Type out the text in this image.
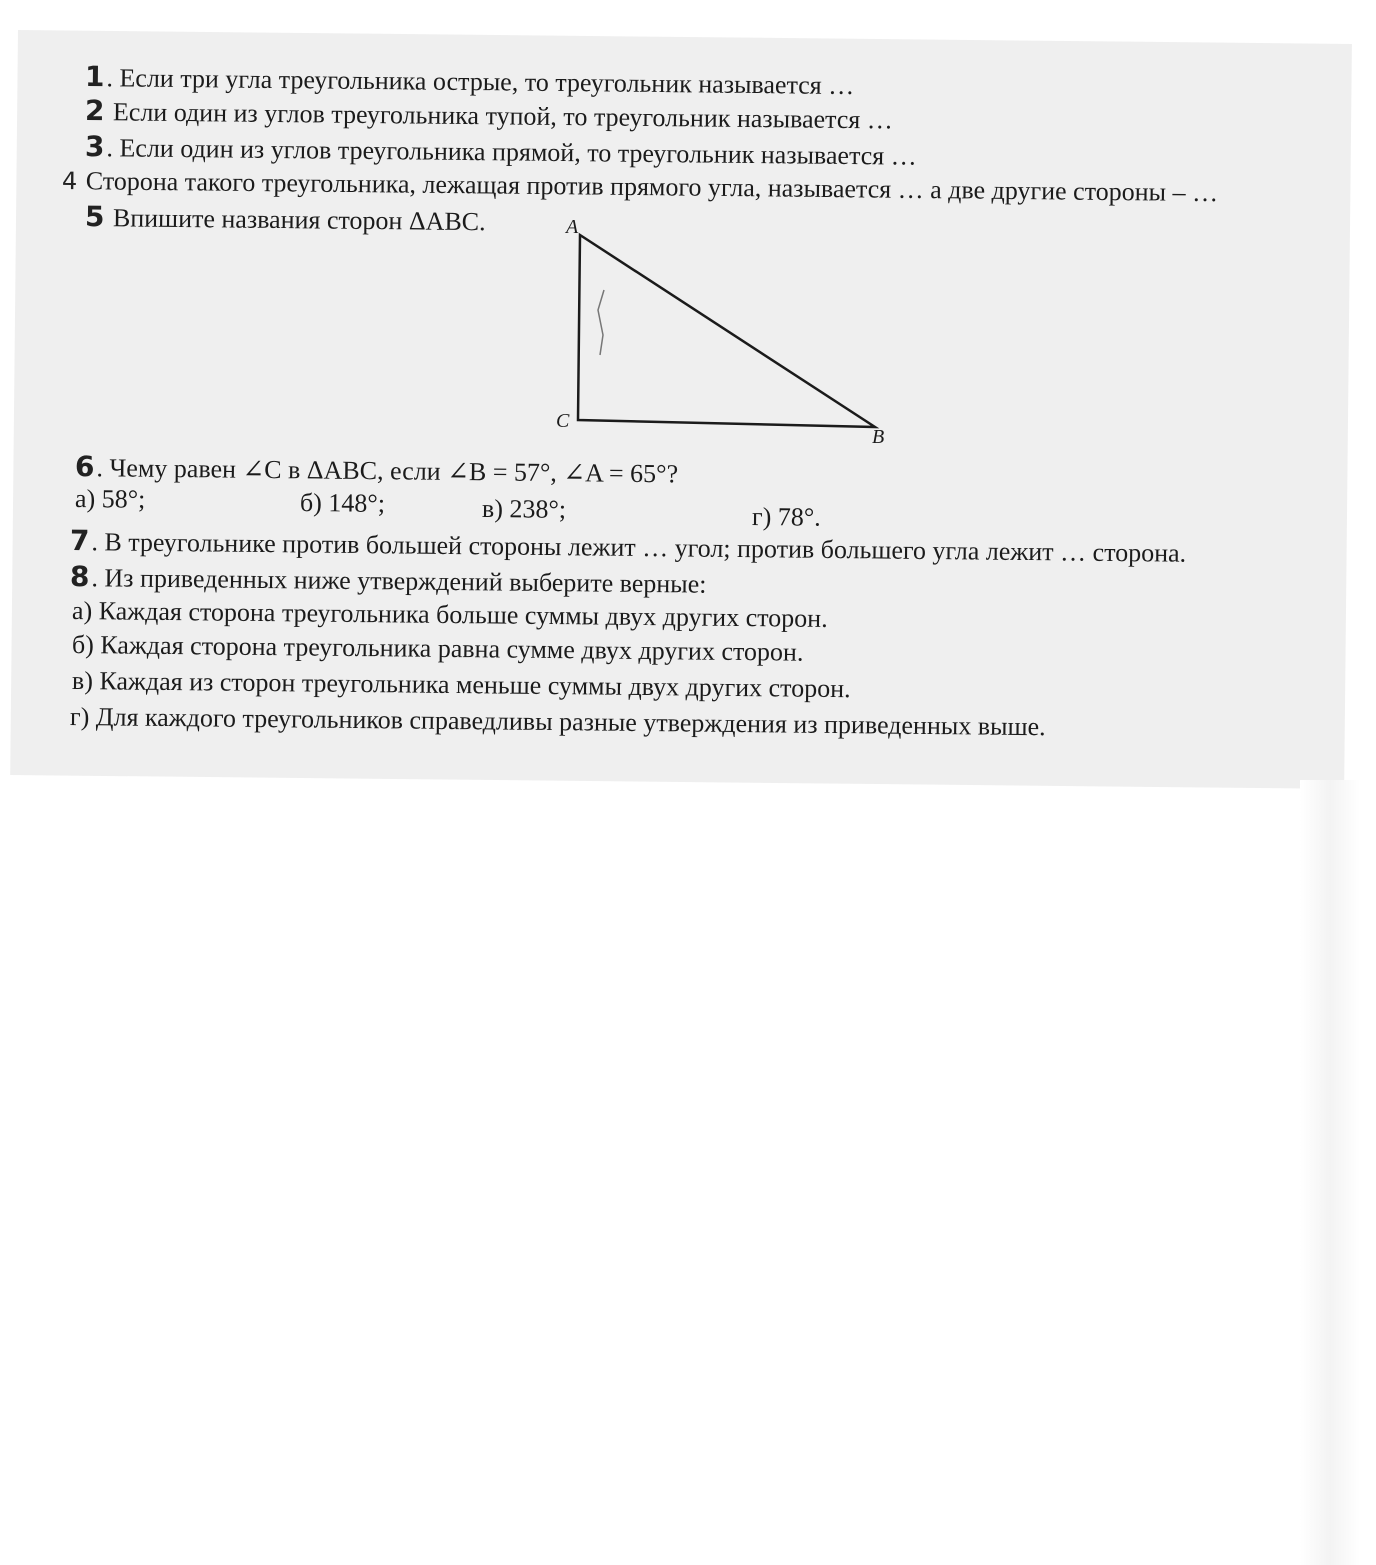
1. Если три угла треугольника острые, то треугольник называется …
2 Если один из углов треугольника тупой, то треугольник называется …
3. Если один из углов треугольника прямой, то треугольник называется …
4 Сторона такого треугольника, лежащая против прямого угла, называется … а две другие стороны – …
5 Впишите названия сторон ΔABC.	A
C
B
6. Чему равен ∠C в ΔABC, если ∠B = 57°, ∠A = 65°?
а) 58°;	б) 148°;	в) 238°;	г) 78°.
7. В треугольнике против большей стороны лежит … угол; против большего угла лежит … сторона.
8. Из приведенных ниже утверждений выберите верные:
а) Каждая сторона треугольника больше суммы двух других сторон.
б) Каждая сторона треугольника равна сумме двух других сторон.
в) Каждая из сторон треугольника меньше суммы двух других сторон.
г) Для каждого треугольников справедливы разные утверждения из приведенных выше.
